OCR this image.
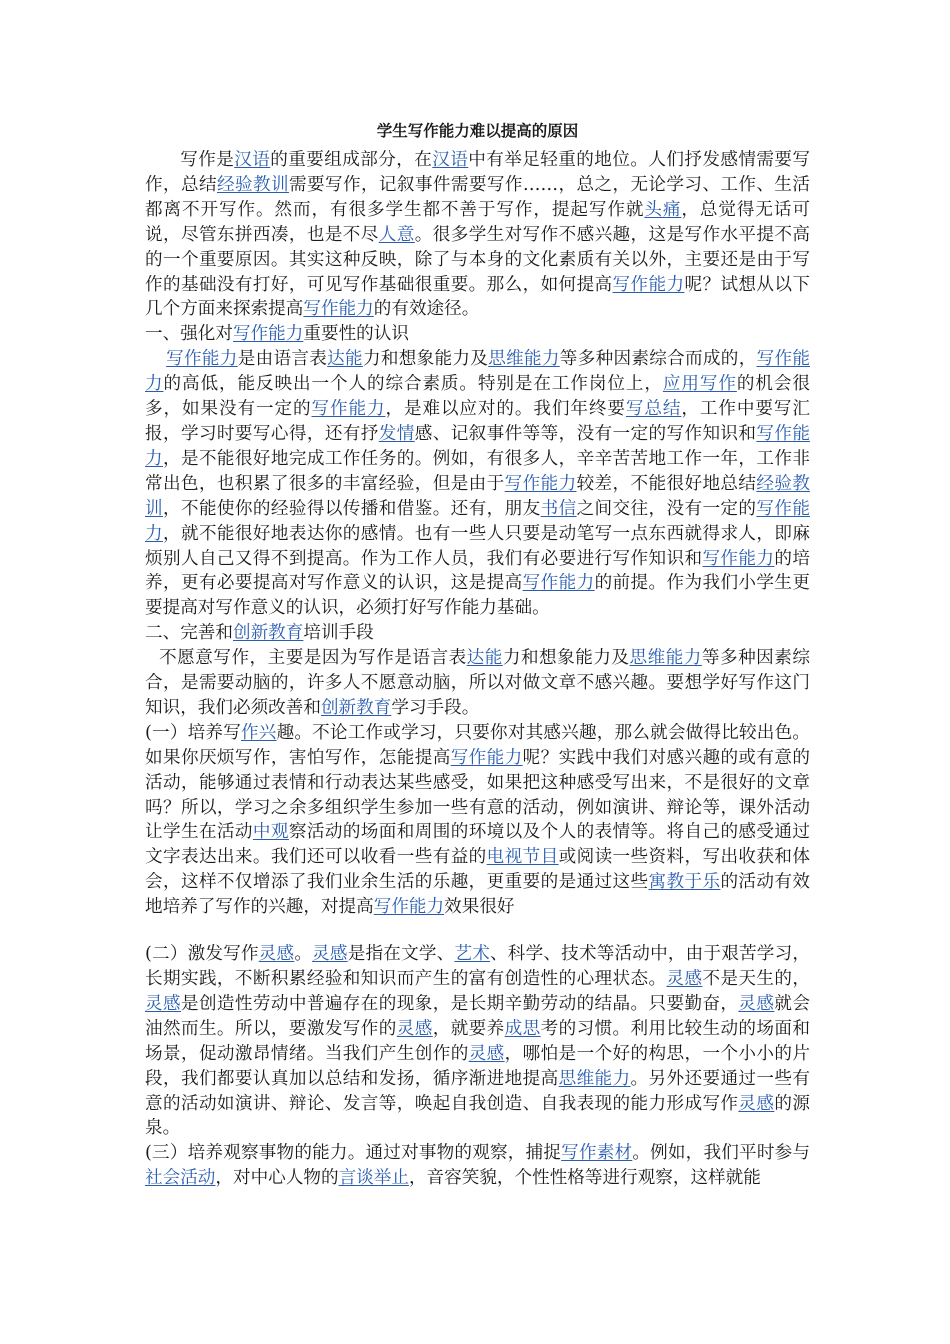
学生写作能力难以提高的原因

写作是汉语的重要组成部分，在汉语中有举足轻重的地位。人们抒发感情需要写作，总结经验教训需要写作，记叙事件需要写作……，总之，无论学习、工作、生活都离不开写作。然而，有很多学生都不善于写作，提起写作就头痛，总觉得无话可说，尽管东拼西凑，也是不尽人意。很多学生对写作不感兴趣，这是写作水平提不高的一个重要原因。其实这种反映，除了与本身的文化素质有关以外，主要还是由于写作的基础没有打好，可见写作基础很重要。那么，如何提高写作能力呢？试想从以下几个方面来探索提高写作能力的有效途径。

一、强化对写作能力重要性的认识

写作能力是由语言表达能力和想象能力及思维能力等多种因素综合而成的，写作能力的高低，能反映出一个人的综合素质。特别是在工作岗位上，应用写作的机会很多，如果没有一定的写作能力，是难以应对的。我们年终要写总结，工作中要写汇报，学习时要写心得，还有抒发情感、记叙事件等等，没有一定的写作知识和写作能力，是不能很好地完成工作任务的。例如，有很多人，辛辛苦苦地工作一年，工作非常出色，也积累了很多的丰富经验，但是由于写作能力较差，不能很好地总结经验教训，不能使你的经验得以传播和借鉴。还有，朋友书信之间交往，没有一定的写作能力，就不能很好地表达你的感情。也有一些人只要是动笔写一点东西就得求人，即麻烦别人自己又得不到提高。作为工作人员，我们有必要进行写作知识和写作能力的培养，更有必要提高对写作意义的认识，这是提高写作能力的前提。作为我们小学生更要提高对写作意义的认识，必须打好写作能力基础。

二、完善和创新教育培训手段

不愿意写作，主要是因为写作是语言表达能力和想象能力及思维能力等多种因素综合，是需要动脑的，许多人不愿意动脑，所以对做文章不感兴趣。要想学好写作这门知识，我们必须改善和创新教育学习手段。

(一）培养写作兴趣。不论工作或学习，只要你对其感兴趣，那么就会做得比较出色。如果你厌烦写作，害怕写作，怎能提高写作能力呢？实践中我们对感兴趣的或有意的活动，能够通过表情和行动表达某些感受，如果把这种感受写出来，不是很好的文章吗？所以，学习之余多组织学生参加一些有意的活动，例如演讲、辩论等，课外活动让学生在活动中观察活动的场面和周围的环境以及个人的表情等。将自己的感受通过文字表达出来。我们还可以收看一些有益的电视节目或阅读一些资料，写出收获和体会，这样不仅增添了我们业余生活的乐趣，更重要的是通过这些寓教于乐的活动有效地培养了写作的兴趣，对提高写作能力效果很好

(二）激发写作灵感。灵感是指在文学、艺术、科学、技术等活动中，由于艰苦学习，长期实践，不断积累经验和知识而产生的富有创造性的心理状态。灵感不是天生的，灵感是创造性劳动中普遍存在的现象，是长期辛勤劳动的结晶。只要勤奋，灵感就会油然而生。所以，要激发写作的灵感，就要养成思考的习惯。利用比较生动的场面和场景，促动激昂情绪。当我们产生创作的灵感，哪怕是一个好的构思，一个小小的片段，我们都要认真加以总结和发扬，循序渐进地提高思维能力。另外还要通过一些有意的活动如演讲、辩论、发言等，唤起自我创造、自我表现的能力形成写作灵感的源泉。

(三）培养观察事物的能力。通过对事物的观察，捕捉写作素材。例如，我们平时参与社会活动，对中心人物的言谈举止，音容笑貌，个性性格等进行观察，这样就能
